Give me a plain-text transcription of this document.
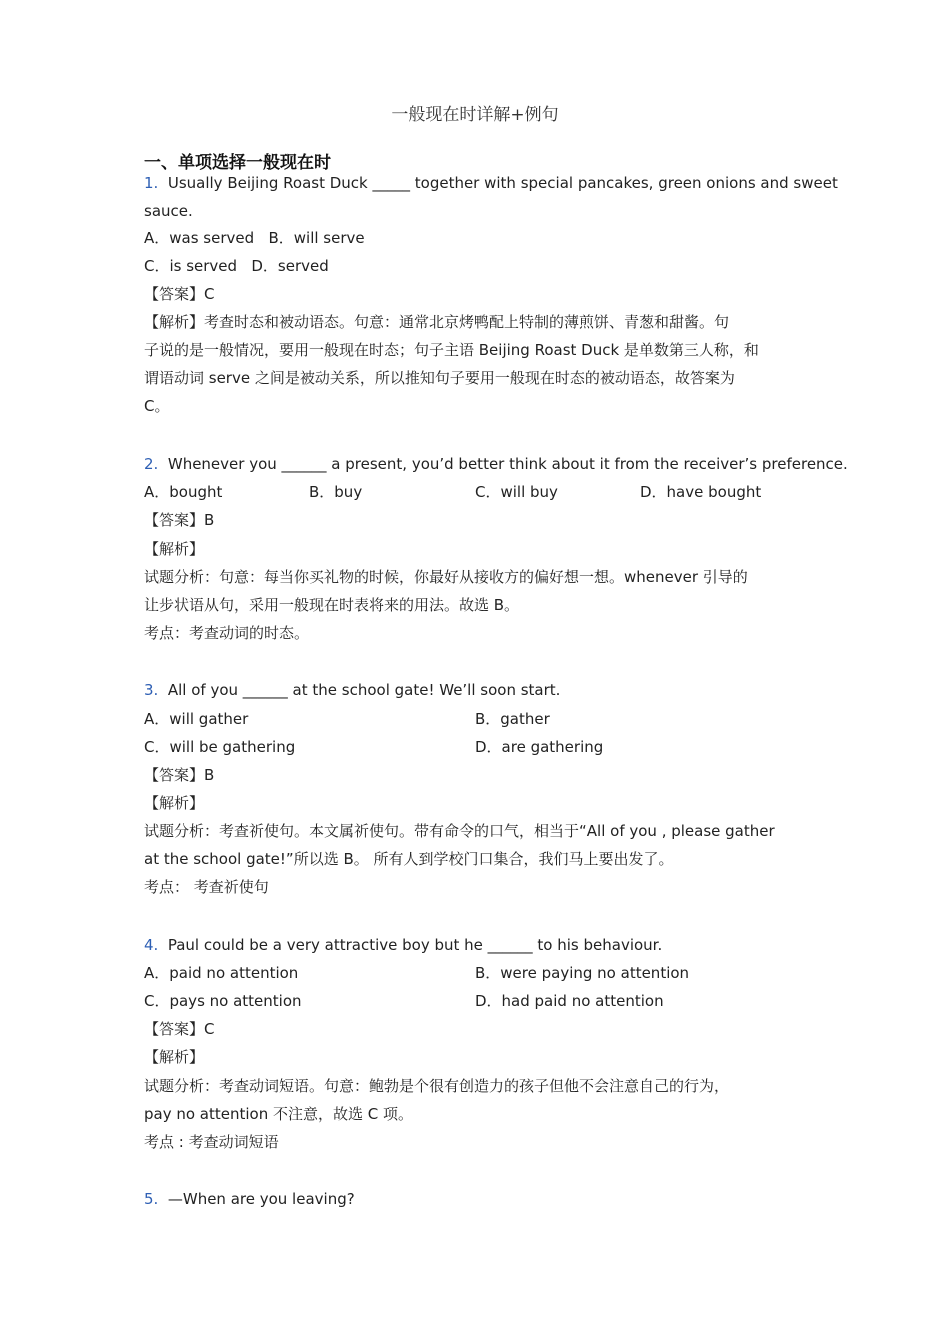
一般现在时详解+例句
一、单项选择一般现在时
1. Usually Beijing Roast Duck _____ together with special pancakes, green onions and sweet
sauce.
A．was served B．will serve
C．is served D．served
【答案】C
【解析】考查时态和被动语态。句意：通常北京烤鸭配上特制的薄煎饼、青葱和甜酱。句
子说的是一般情况，要用一般现在时态；句子主语 Beijing Roast Duck 是单数第三人称，和
谓语动词 serve 之间是被动关系，所以推知句子要用一般现在时态的被动语态，故答案为
C。
2. Whenever you ______ a present, you’d better think about it from the receiver’s preference.
A．bought	B．buy	C．will buy	D．have bought
【答案】B
【解析】
试题分析：句意：每当你买礼物的时候，你最好从接收方的偏好想一想。whenever 引导的
让步状语从句，采用一般现在时表将来的用法。故选 B。
考点：考查动词的时态。
3. All of you ______ at the school gate! We’ll soon start.
A．will gather	B．gather
C．will be gathering	D．are gathering
【答案】B
【解析】
试题分析：考查祈使句。本文属祈使句。带有命令的口气，相当于“All of you , please gather
at the school gate!”所以选 B。 所有人到学校门口集合，我们马上要出发了。
考点： 考查祈使句
4. Paul could be a very attractive boy but he ______ to his behaviour.
A．paid no attention	B．were paying no attention
C．pays no attention	D．had paid no attention
【答案】C
【解析】
试题分析：考查动词短语。句意：鲍勃是个很有创造力的孩子但他不会注意自己的行为，
pay no attention 不注意，故选 C 项。
考点 : 考查动词短语
5. —When are you leaving?
